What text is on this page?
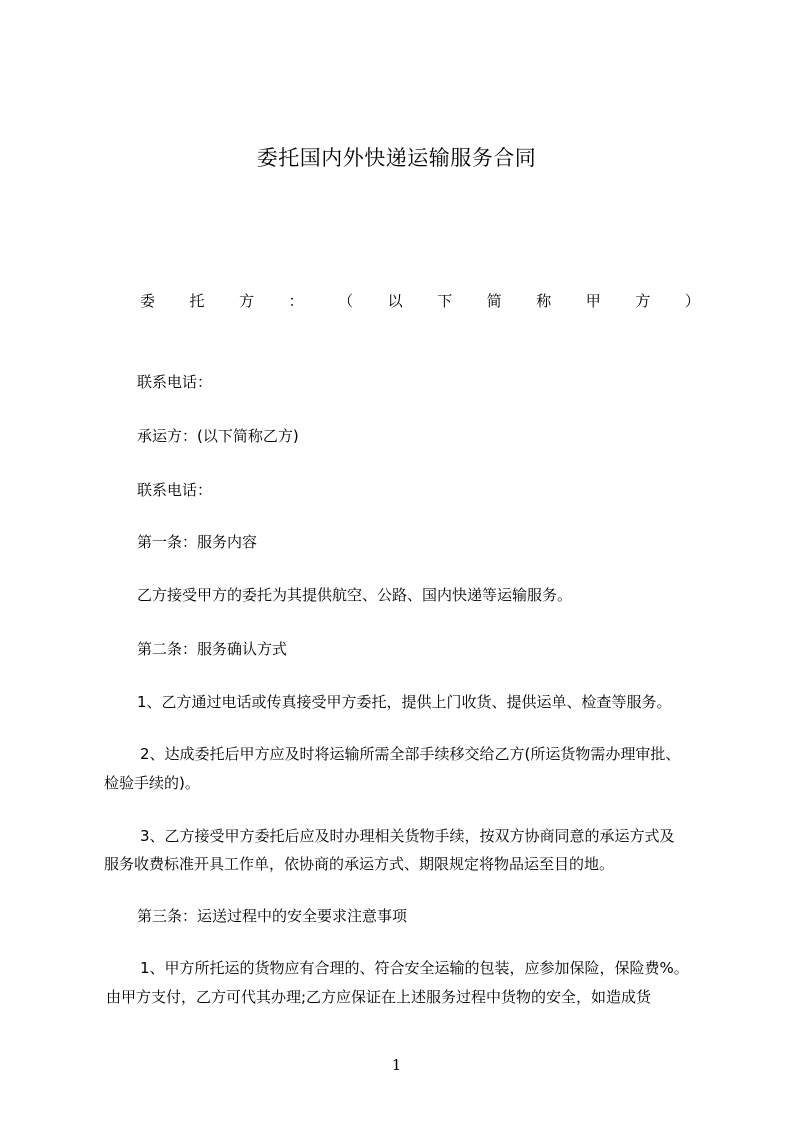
委托国内外快递运输服务合同
委 托 方 ： （ 以 下 简 称 甲 方 ）
联系电话：
承运方：(以下简称乙方)
联系电话：
第一条：服务内容
乙方接受甲方的委托为其提供航空、公路、国内快递等运输服务。
第二条：服务确认方式
1、乙方通过电话或传真接受甲方委托，提供上门收货、提供运单、检查等服务。
2、达成委托后甲方应及时将运输所需全部手续移交给乙方(所运货物需办理审批、
检验手续的)。
3、乙方接受甲方委托后应及时办理相关货物手续，按双方协商同意的承运方式及
服务收费标准开具工作单，依协商的承运方式、期限规定将物品运至目的地。
第三条：运送过程中的安全要求注意事项
1、甲方所托运的货物应有合理的、符合安全运输的包装，应参加保险，保险费%。
由甲方支付，乙方可代其办理;乙方应保证在上述服务过程中货物的安全，如造成货
1
